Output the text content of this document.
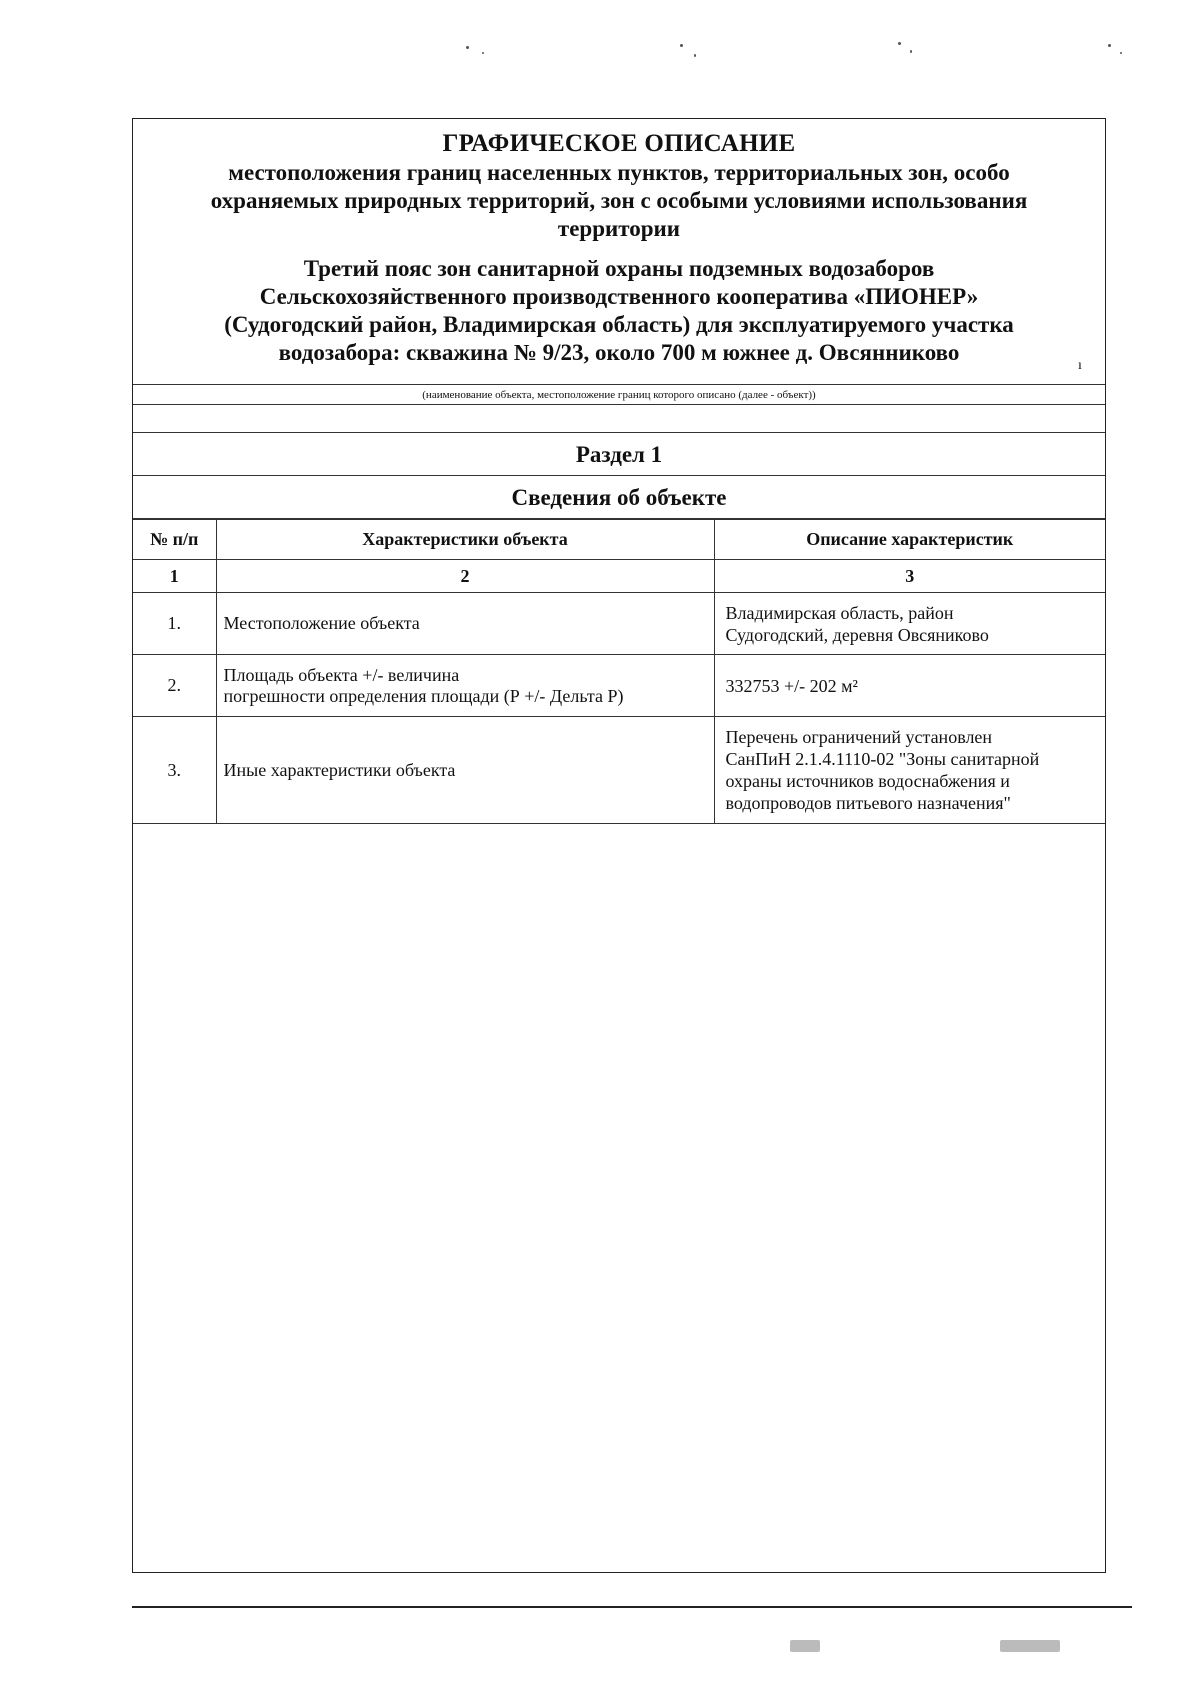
ГРАФИЧЕСКОЕ ОПИСАНИЕ
местоположения границ населенных пунктов, территориальных зон, особо
охраняемых природных территорий, зон с особыми условиями использования
территории
Третий пояс зон санитарной охраны подземных водозаборов
Сельскохозяйственного производственного кооператива «ПИОНЕР»
(Судогодский район, Владимирская область) для эксплуатируемого участка
водозабора: скважина № 9/23, около 700 м южнее д. Овсянниково
(наименование объекта, местоположение границ которого описано (далее - объект))
Раздел 1
Сведения об объекте
№ п/п	Характеристики объекта	Описание характеристик
1	2	3
1.	Местоположение объекта	Владимирская область, район
Судогодский, деревня Овсяниково

2.	Площадь объекта +/- величина
погрешности определения площади (Р +/- Дельта Р)	332753 +/- 202 м²

3.	Иные характеристики объекта	Перечень ограничений установлен
СанПиН 2.1.4.1110-02 "Зоны санитарной
охраны источников водоснабжения и
водопроводов питьевого назначения"
ı
